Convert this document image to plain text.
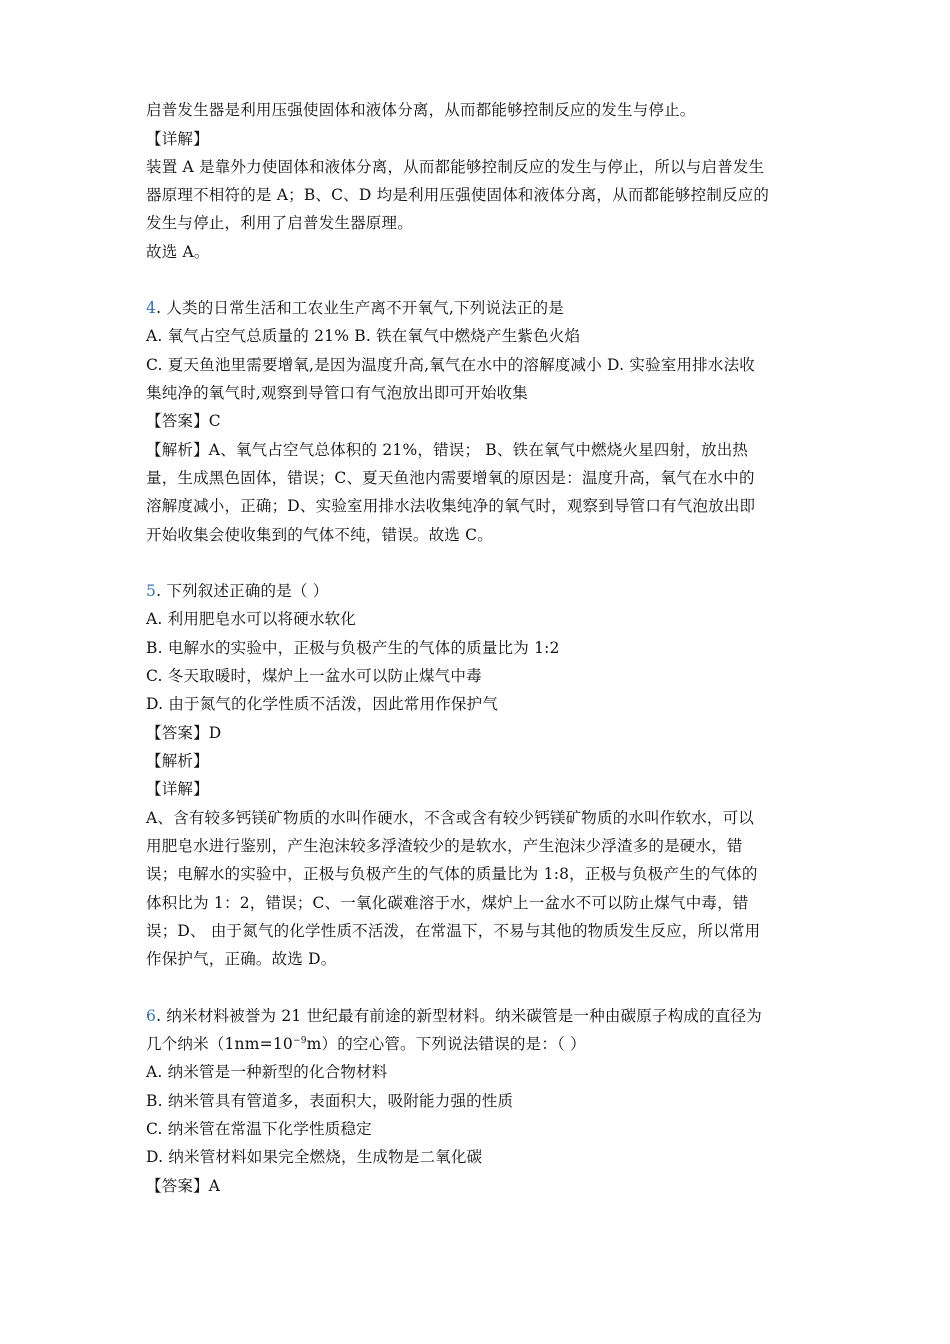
启普发生器是利用压强使固体和液体分离，从而都能够控制反应的发生与停止。
【详解】
装置 A 是靠外力使固体和液体分离，从而都能够控制反应的发生与停止，所以与启普发生
器原理不相符的是 A；B、C、D 均是利用压强使固体和液体分离，从而都能够控制反应的
发生与停止，利用了启普发生器原理。
故选 A。
4. 人类的日常生活和工农业生产离不开氧气,下列说法正的是
A. 氧气占空气总质量的 21% B. 铁在氧气中燃烧产生紫色火焰
C. 夏天鱼池里需要增氧,是因为温度升高,氧气在水中的溶解度减小 D. 实验室用排水法收
集纯净的氧气时,观察到导管口有气泡放出即可开始收集
【答案】C
【解析】A、氧气占空气总体积的 21%，错误； B、铁在氧气中燃烧火星四射，放出热
量，生成黑色固体，错误；C、夏天鱼池内需要增氧的原因是：温度升高，氧气在水中的
溶解度减小，正确；D、实验室用排水法收集纯净的氧气时，观察到导管口有气泡放出即
开始收集会使收集到的气体不纯，错误。故选 C。
5. 下列叙述正确的是（ ）
A. 利用肥皂水可以将硬水软化
B. 电解水的实验中，正极与负极产生的气体的质量比为 1:2
C. 冬天取暖时，煤炉上一盆水可以防止煤气中毒
D. 由于氮气的化学性质不活泼，因此常用作保护气
【答案】D
【解析】
【详解】
A、含有较多钙镁矿物质的水叫作硬水，不含或含有较少钙镁矿物质的水叫作软水，可以
用肥皂水进行鉴别，产生泡沫较多浮渣较少的是软水，产生泡沫少浮渣多的是硬水，错
误；电解水的实验中，正极与负极产生的气体的质量比为 1:8，正极与负极产生的气体的
体积比为 1：2，错误；C、一氧化碳难溶于水，煤炉上一盆水不可以防止煤气中毒，错
误；D、 由于氮气的化学性质不活泼，在常温下，不易与其他的物质发生反应，所以常用
作保护气，正确。故选 D。
6. 纳米材料被誉为 21 世纪最有前途的新型材料。纳米碳管是一种由碳原子构成的直径为
几个纳米$(1nm=10^{-9}m)$的空心管。下列说法错误的是：（ ）
A. 纳米管是一种新型的化合物材料
B. 纳米管具有管道多，表面积大，吸附能力强的性质
C. 纳米管在常温下化学性质稳定
D. 纳米管材料如果完全燃烧，生成物是二氧化碳
【答案】A
